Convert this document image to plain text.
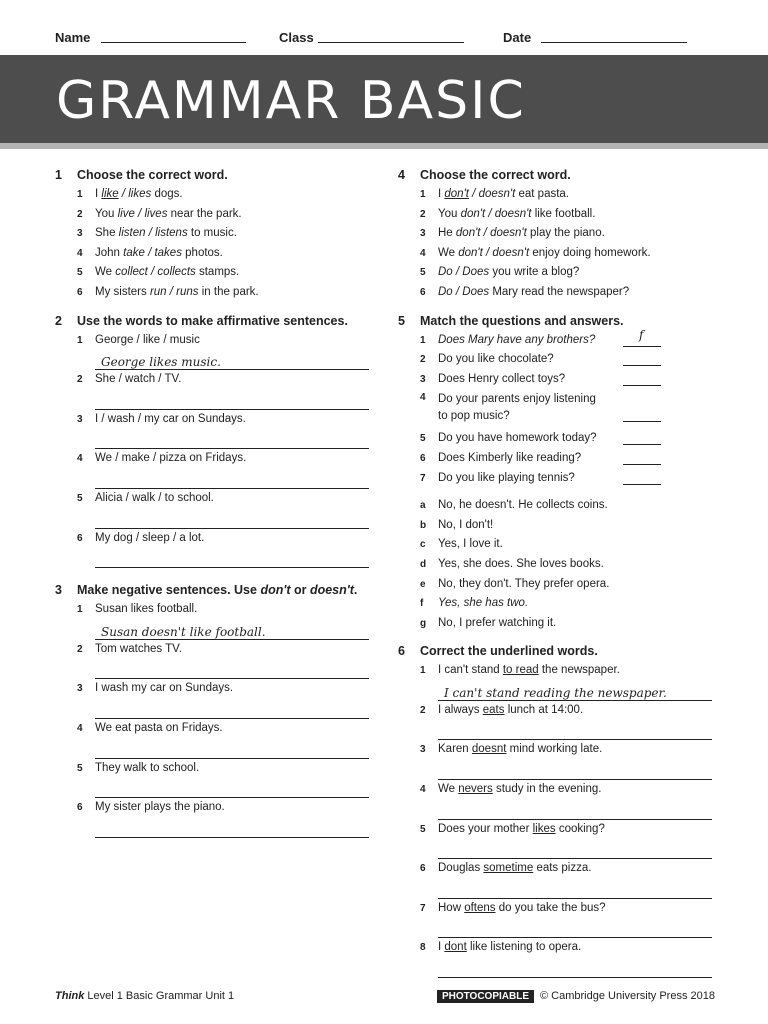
Name	Class	Date
GRAMMAR BASIC
1 Choose the correct word.
1 I like / likes dogs.
2 You live / lives near the park.
3 She listen / listens to music.
4 John take / takes photos.
5 We collect / collects stamps.
6 My sisters run / runs in the park.
2 Use the words to make affirmative sentences.
1 George / like / music
George likes music.
2 She / watch / TV.
3 I / wash / my car on Sundays.
4 We / make / pizza on Fridays.
5 Alicia / walk / to school.
6 My dog / sleep / a lot.
3 Make negative sentences. Use don't or doesn't.
1 Susan likes football.
Susan doesn't like football.
2 Tom watches TV.
3 I wash my car on Sundays.
4 We eat pasta on Fridays.
5 They walk to school.
6 My sister plays the piano.
4 Choose the correct word.
1 I don't / doesn't eat pasta.
2 You don't / doesn't like football.
3 He don't / doesn't play the piano.
4 We don't / doesn't enjoy doing homework.
5 Do / Does you write a blog?
6 Do / Does Mary read the newspaper?
5 Match the questions and answers.
1 Does Mary have any brothers?	f
2 Do you like chocolate?
3 Does Henry collect toys?
4 Do your parents enjoy listening
to pop music?
5 Do you have homework today?
6 Does Kimberly like reading?
7 Do you like playing tennis?
a No, he doesn't. He collects coins.
b No, I don't!
c Yes, I love it.
d Yes, she does. She loves books.
e No, they don't. They prefer opera.
f Yes, she has two.
g No, I prefer watching it.
6 Correct the underlined words.
1 I can't stand to read the newspaper.
I can't stand reading the newspaper.
2 I always eats lunch at 14:00.
3 Karen doesnt mind working late.
4 We nevers study in the evening.
5 Does your mother likes cooking?
6 Douglas sometime eats pizza.
7 How oftens do you take the bus?
8 I dont like listening to opera.
Think Level 1 Basic Grammar Unit 1	PHOTOCOPIABLE © Cambridge University Press 2018
